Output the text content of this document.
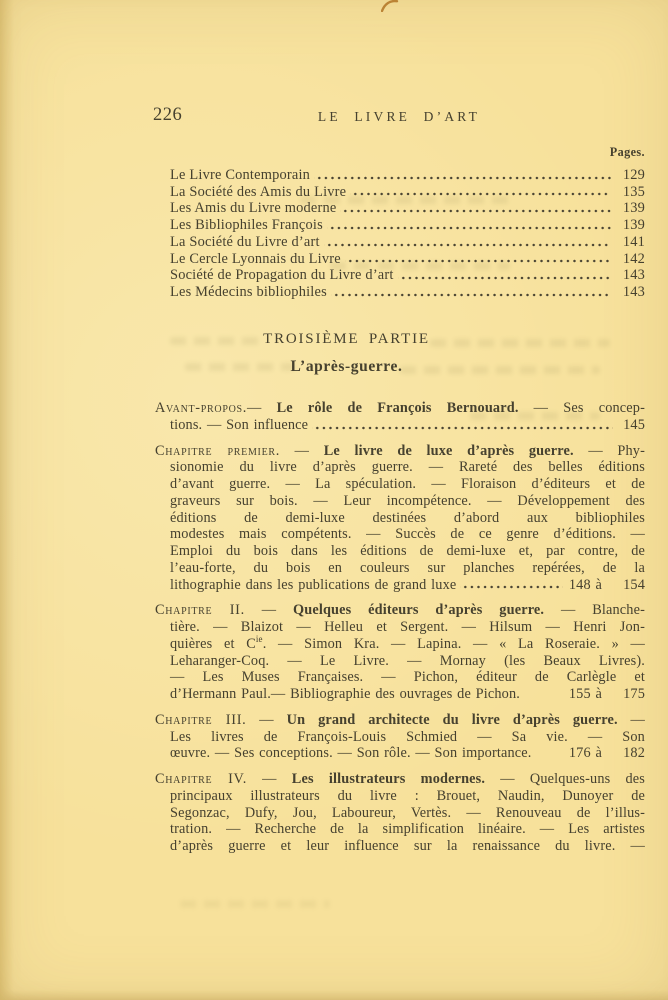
226	LE LIVRE D’ART
Pages.
Le Livre Contemporain	129
La Société des Amis du Livre	135
Les Amis du Livre moderne	139
Les Bibliophiles François	139
La Société du Livre d’art	141
Le Cercle Lyonnais du Livre	142
Société de Propagation du Livre d’art	143
Les Médecins bibliophiles	143
TROISIÈME PARTIE
L’après-guerre.
Avant-propos.— Le rôle de François Bernouard. — Ses concep-
tions. — Son influence	145
Chapitre premier. — Le livre de luxe d’après guerre. — Phy-
sionomie du livre d’après guerre. — Rareté des belles éditions
d’avant guerre. — La spéculation. — Floraison d’éditeurs et de
graveurs sur bois. — Leur incompétence. — Développement des
éditions de demi-luxe destinées d’abord aux bibliophiles
modestes mais compétents. — Succès de ce genre d’éditions. —
Emploi du bois dans les éditions de demi-luxe et, par contre, de
l’eau-forte, du bois en couleurs sur planches repérées, de la
lithographie dans les publications de grand luxe	148 à 154
Chapitre II. — Quelques éditeurs d’après guerre. — Blanche-
tière. — Blaizot — Helleu et Sergent. — Hilsum — Henri Jon-
quières et $C^{ie}$. — Simon Kra. — Lapina. — « La Roseraie. » —
Leharanger-Coq. — Le Livre. — Mornay (les Beaux Livres).
— Les Muses Françaises. — Pichon, éditeur de Carlègle et
d’Hermann Paul.— Bibliographie des ouvrages de Pichon.	155 à 175
Chapitre III. — Un grand architecte du livre d’après guerre. —
Les livres de François-Louis Schmied — Sa vie. — Son
œuvre. — Ses conceptions. — Son rôle. — Son importance.	176 à 182
Chapitre IV. — Les illustrateurs modernes. — Quelques-uns des
principaux illustrateurs du livre : Brouet, Naudin, Dunoyer de
Segonzac, Dufy, Jou, Laboureur, Vertès. — Renouveau de l’illus-
tration. — Recherche de la simplification linéaire. — Les artistes
d’après guerre et leur influence sur la renaissance du livre. —
